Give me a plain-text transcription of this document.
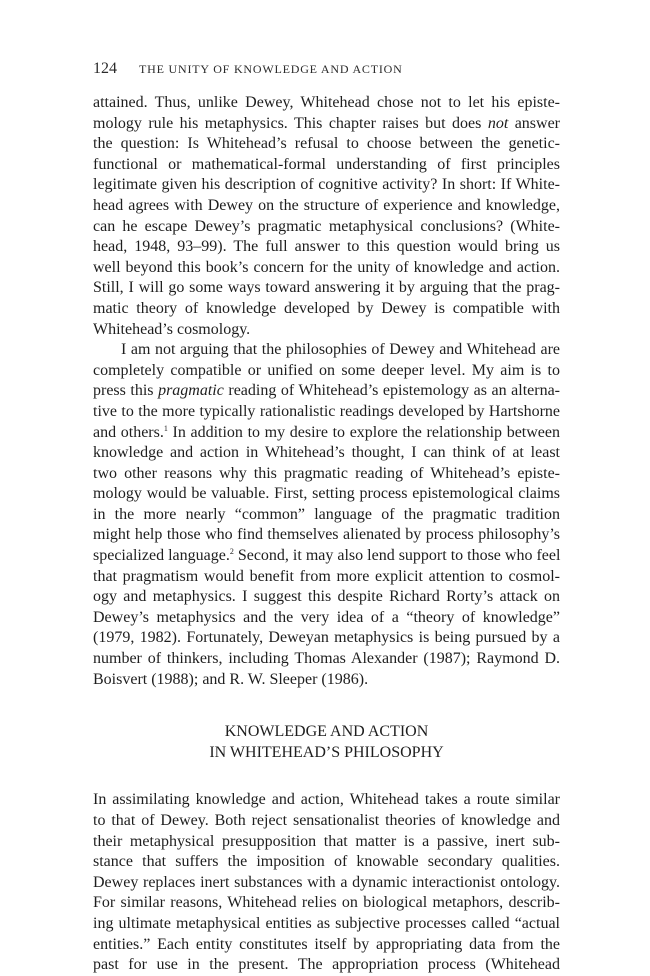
124 THE UNITY OF KNOWLEDGE AND ACTION
attained. Thus, unlike Dewey, Whitehead chose not to let his episte-
mology rule his metaphysics. This chapter raises but does not answer
the question: Is Whitehead’s refusal to choose between the genetic-
functional or mathematical-formal understanding of first principles
legitimate given his description of cognitive activity? In short: If White-
head agrees with Dewey on the structure of experience and knowledge,
can he escape Dewey’s pragmatic metaphysical conclusions? (White-
head, 1948, 93–99). The full answer to this question would bring us
well beyond this book’s concern for the unity of knowledge and action.
Still, I will go some ways toward answering it by arguing that the prag-
matic theory of knowledge developed by Dewey is compatible with
Whitehead’s cosmology.
I am not arguing that the philosophies of Dewey and Whitehead are
completely compatible or unified on some deeper level. My aim is to
press this pragmatic reading of Whitehead’s epistemology as an alterna-
tive to the more typically rationalistic readings developed by Hartshorne
and others.$^1$ In addition to my desire to explore the relationship between
knowledge and action in Whitehead’s thought, I can think of at least
two other reasons why this pragmatic reading of Whitehead’s episte-
mology would be valuable. First, setting process epistemological claims
in the more nearly “common” language of the pragmatic tradition
might help those who find themselves alienated by process philosophy’s
specialized language.$^2$ Second, it may also lend support to those who feel
that pragmatism would benefit from more explicit attention to cosmol-
ogy and metaphysics. I suggest this despite Richard Rorty’s attack on
Dewey’s metaphysics and the very idea of a “theory of knowledge”
(1979, 1982). Fortunately, Deweyan metaphysics is being pursued by a
number of thinkers, including Thomas Alexander (1987); Raymond D.
Boisvert (1988); and R. W. Sleeper (1986).
KNOWLEDGE AND ACTION
IN WHITEHEAD’S PHILOSOPHY
In assimilating knowledge and action, Whitehead takes a route similar
to that of Dewey. Both reject sensationalist theories of knowledge and
their metaphysical presupposition that matter is a passive, inert sub-
stance that suffers the imposition of knowable secondary qualities.
Dewey replaces inert substances with a dynamic interactionist ontology.
For similar reasons, Whitehead relies on biological metaphors, describ-
ing ultimate metaphysical entities as subjective processes called “actual
entities.” Each entity constitutes itself by appropriating data from the
past for use in the present. The appropriation process (Whitehead
